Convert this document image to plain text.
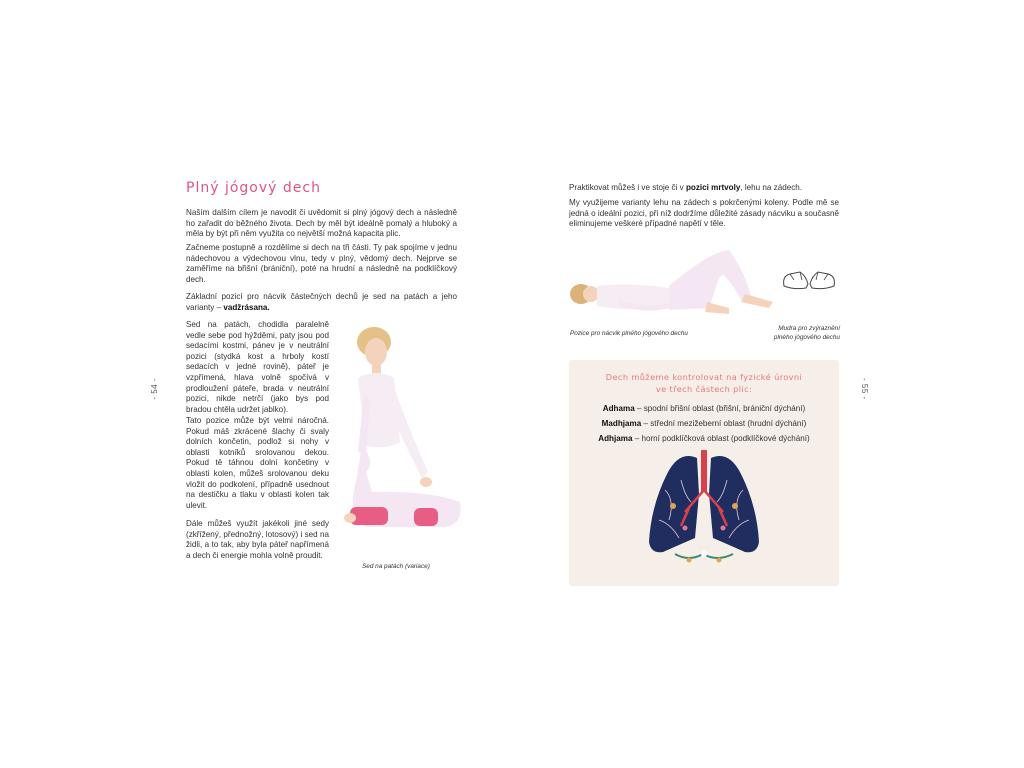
- 54 -
Plný jógový dech

Naším dalším cílem je navodit či uvědomit si plný jógový dech a následně ho zařadit do běžného života. Dech by měl být ideálně pomalý a hluboký a měla by být při něm využita co největší možná kapacita plic.

Začneme postupně a rozdělíme si dech na tři části. Ty pak spojíme v jednu nádechovou a výdechovou vlnu, tedy v plný, vědomý dech. Nejprve se zaměříme na břišní (brániční), poté na hrudní a následně na podklíčkový dech.

Základní pozicí pro nácvik částečných dechů je sed na patách a jeho varianty – vadžrásana.

Sed na patách, chodidla paralelně vedle sebe pod hýžděmi, paty jsou pod sedacími kostmi, pánev je v neutrální pozici (stydká kost a hrboly kostí sedacích v jedné rovině), páteř je vzpřímená, hlava volně spočívá v prodloužení páteře, brada v neutrální pozici, nikde netrčí (jako bys pod bradou chtěla udržet jablko).

Tato pozice může být velmi náročná. Pokud máš zkrácené šlachy či svaly dolních končetin, podlož si nohy v oblasti kotníků srolovanou dekou. Pokud tě táhnou dolní končetiny v oblasti kolen, můžeš srolovanou deku vložit do podkolení, případně usednout na destičku a tlaku v oblasti kolen tak ulevit.

Dále můžeš využít jakékoli jiné sedy (zkřížený, přednožný, lotosový) i sed na židli, a to tak, aby byla páteř napřímená a dech či energie mohla volně proudit.

Sed na patách (variace)

- 55 -

Praktikovat můžeš i ve stoje či v pozici mrtvoly, lehu na zádech.

My využijeme varianty lehu na zádech s pokrčenými koleny. Podle mě se jedná o ideální pozici, při níž dodržíme důležité zásady nácviku a současně eliminujeme veškeré případné napětí v těle.

Pozice pro nácvik plného jógového dechu

Mudra pro zvýraznění

plného jógového dechu

Dech můžeme kontrolovat na fyzické úrovni
ve třech částech plic:

Adhama – spodní břišní oblast (břišní, brániční dýchání)

Madhjama – střední mezižeberní oblast (hrudní dýchání)

Adhjama – horní podklíčková oblast (podklíčkové dýchání)
